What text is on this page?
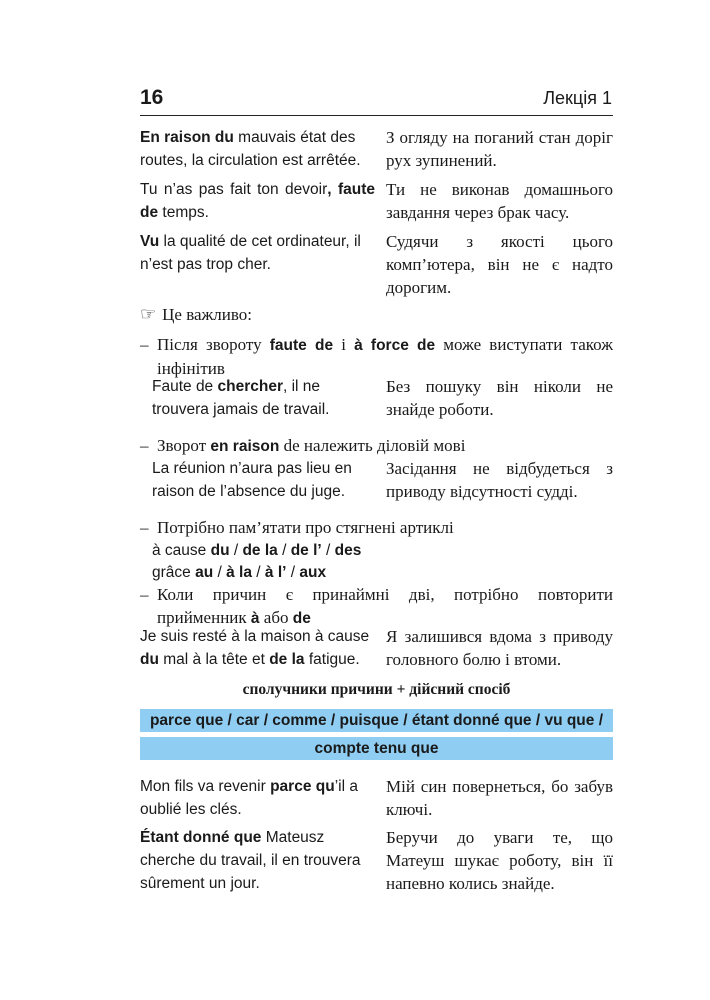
16	Лекція 1
En raison du mauvais état des routes, la circulation est arrêtée.
З огляду на поганий стан доріг рух зупинений.
Tu n’as pas fait ton devoir, faute de temps.
Ти не виконав домашнього завдання через брак часу.
Vu la qualité de cet ordinateur, il n’est pas trop cher.
Судячи з якості цього комп’ютера, він не є надто дорогим.
☞ Це важливо:
– Після звороту faute de і à force de може виступати також інфінітив
Faute de chercher, il ne trouvera jamais de travail.
Без пошуку він ніколи не знайде роботи.
– Зворот en raison de належить діловій мові
La réunion n’aura pas lieu en raison de l’absence du juge.
Засідання не відбудеться з приводу відсутності судді.
– Потрібно пам’ятати про стягнені артиклі
à cause du / de la / de l’ / des
grâce au / à la / à l’ / aux
– Коли причин є принаймні дві, потрібно повторити прийменник à або de
Je suis resté à la maison à cause du mal à la tête et de la fatigue.
Я залишився вдома з приводу головного болю і втоми.
сполучники причини + дійсний спосіб
parce que / car / comme / puisque / étant donné que / vu que /
compte tenu que
Mon fils va revenir parce qu’il a oublié les clés.
Мій син повернеться, бо забув ключі.
Étant donné que Mateusz cherche du travail, il en trouvera sûrement un jour.
Беручи до уваги те, що Матеуш шукає роботу, він її напевно колись знайде.
